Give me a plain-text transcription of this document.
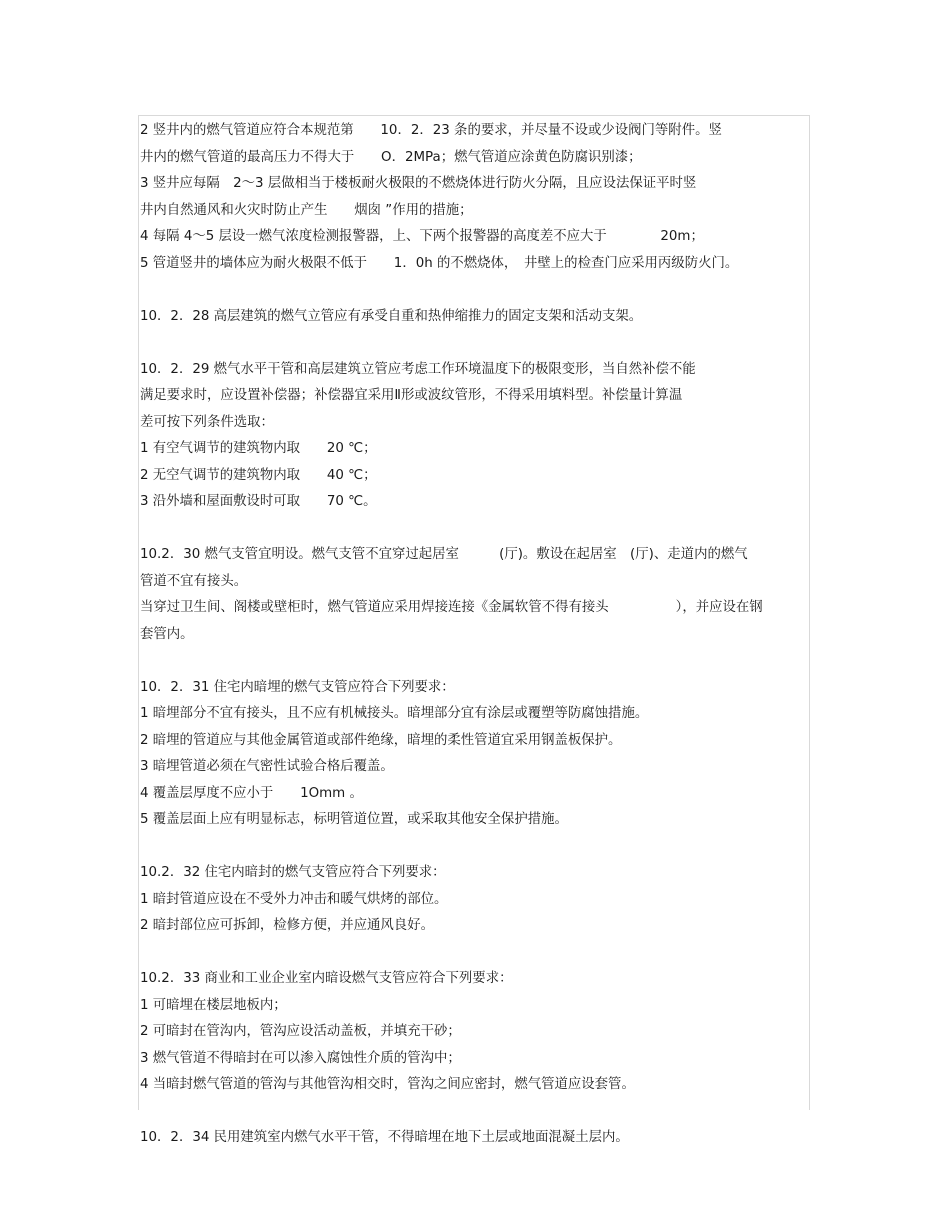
2 竖井内的燃气管道应符合本规范第　　10．2．23 条的要求，并尽量不设或少设阀门等附件。竖
井内的燃气管道的最高压力不得大于　　O．2MPa；燃气管道应涂黄色防腐识别漆；
3 竖井应每隔　2～3 层做相当于楼板耐火极限的不燃烧体进行防火分隔，且应设法保证平时竖
井内自然通风和火灾时防止产生　　烟囱 ”作用的措施；
4 每隔 4～5 层设一燃气浓度检测报警器，上、下两个报警器的高度差不应大于　　　　20m；
5 管道竖井的墙体应为耐火极限不低于　　1．0h 的不燃烧体，　井壁上的检查门应采用丙级防火门。
10．2．28 高层建筑的燃气立管应有承受自重和热伸缩推力的固定支架和活动支架。
10．2．29 燃气水平干管和高层建筑立管应考虑工作环境温度下的极限变形，当自然补偿不能
满足要求时，应设置补偿器；补偿器宜采用Ⅱ形或波纹管形，不得采用填料型。补偿量计算温
差可按下列条件选取：
1 有空气调节的建筑物内取　　20 ℃；
2 无空气调节的建筑物内取　　40 ℃；
3 沿外墙和屋面敷设时可取　　70 ℃。
10.2．30 燃气支管宜明设。燃气支管不宜穿过起居室　　　(厅)。敷设在起居室　(厅)、走道内的燃气
管道不宜有接头。
当穿过卫生间、阁楼或壁柜时，燃气管道应采用焊接连接《金属软管不得有接头　　　　　），并应设在钢
套管内。
10．2．31 住宅内暗埋的燃气支管应符合下列要求：
1 暗埋部分不宜有接头，且不应有机械接头。暗埋部分宜有涂层或覆塑等防腐蚀措施。
2 暗埋的管道应与其他金属管道或部件绝缘，暗埋的柔性管道宜采用钢盖板保护。
3 暗埋管道必须在气密性试验合格后覆盖。
4 覆盖层厚度不应小于　　1Omm 。
5 覆盖层面上应有明显标志，标明管道位置，或采取其他安全保护措施。
10.2．32 住宅内暗封的燃气支管应符合下列要求：
1 暗封管道应设在不受外力冲击和暖气烘烤的部位。
2 暗封部位应可拆卸，检修方便，并应通风良好。
10.2．33 商业和工业企业室内暗设燃气支管应符合下列要求：
1 可暗埋在楼层地板内；
2 可暗封在管沟内，管沟应设活动盖板，并填充干砂；
3 燃气管道不得暗封在可以渗入腐蚀性介质的管沟中；
4 当暗封燃气管道的管沟与其他管沟相交时，管沟之间应密封，燃气管道应设套管。
10．2．34 民用建筑室内燃气水平干管，不得暗埋在地下土层或地面混凝土层内。
